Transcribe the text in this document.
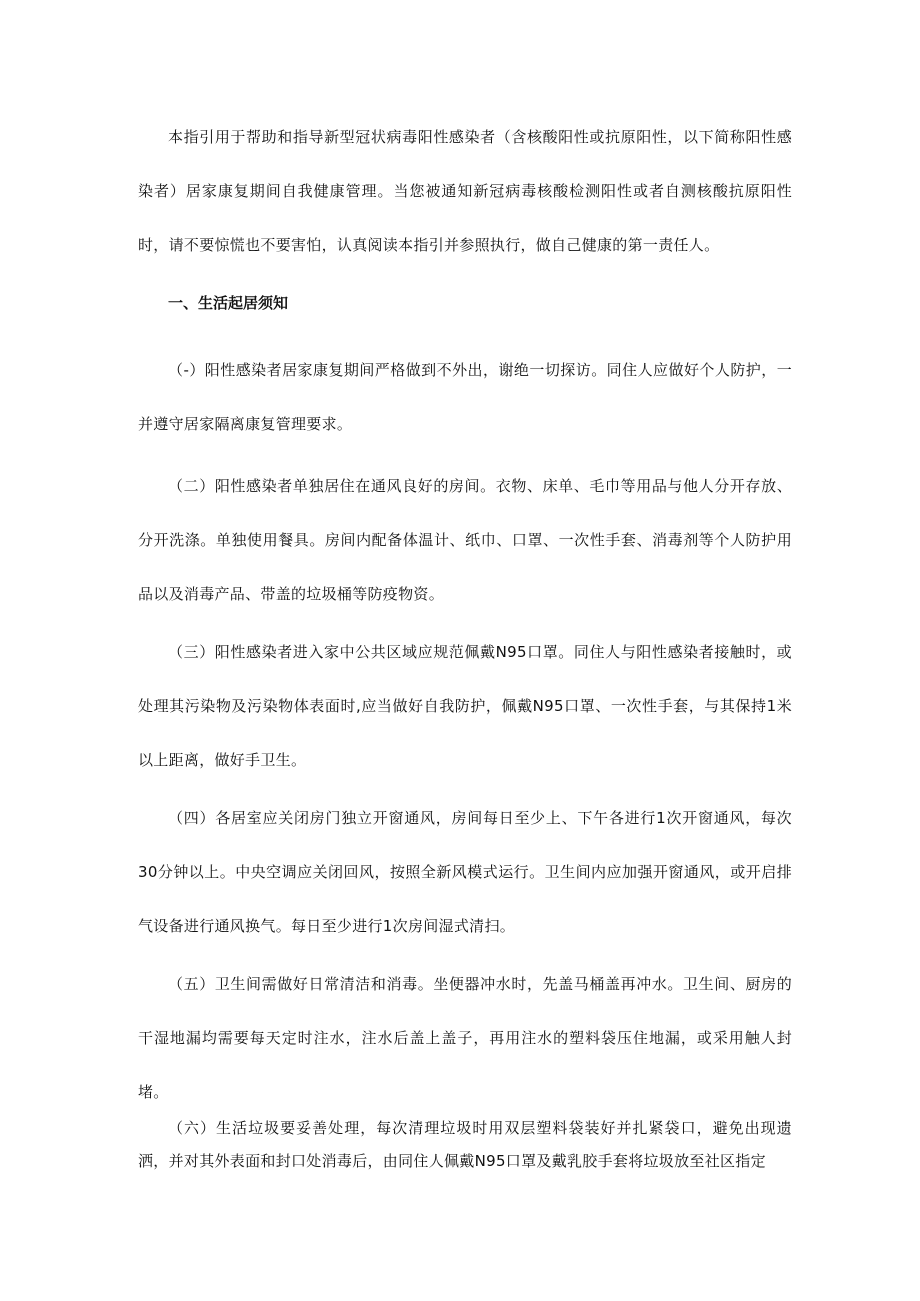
本指引用于帮助和指导新型冠状病毒阳性感染者（含核酸阳性或抗原阳性，以下简称阳性感染者）居家康复期间自我健康管理。当您被通知新冠病毒核酸检测阳性或者自测核酸抗原阳性时，请不要惊慌也不要害怕，认真阅读本指引并参照执行，做自己健康的第一责任人。

一、生活起居须知

（-）阳性感染者居家康复期间严格做到不外出，谢绝一切探访。同住人应做好个人防护，一并遵守居家隔离康复管理要求。

（二）阳性感染者单独居住在通风良好的房间。衣物、床单、毛巾等用品与他人分开存放、分开洗涤。单独使用餐具。房间内配备体温计、纸巾、口罩、一次性手套、消毒剂等个人防护用品以及消毒产品、带盖的垃圾桶等防疫物资。

（三）阳性感染者进入家中公共区域应规范佩戴N95口罩。同住人与阳性感染者接触时，或处理其污染物及污染物体表面时,应当做好自我防护，佩戴N95口罩、一次性手套，与其保持1米以上距离，做好手卫生。

（四）各居室应关闭房门独立开窗通风，房间每日至少上、下午各进行1次开窗通风，每次30分钟以上。中央空调应关闭回风，按照全新风模式运行。卫生间内应加强开窗通风，或开启排气设备进行通风换气。每日至少进行1次房间湿式清扫。

（五）卫生间需做好日常清洁和消毒。坐便器冲水时，先盖马桶盖再冲水。卫生间、厨房的干湿地漏均需要每天定时注水，注水后盖上盖子，再用注水的塑料袋压住地漏，或采用触人封堵。

（六）生活垃圾要妥善处理，每次清理垃圾时用双层塑料袋装好并扎紧袋口，避免出现遗洒，并对其外表面和封口处消毒后，由同住人佩戴N95口罩及戴乳胶手套将垃圾放至社区指定
